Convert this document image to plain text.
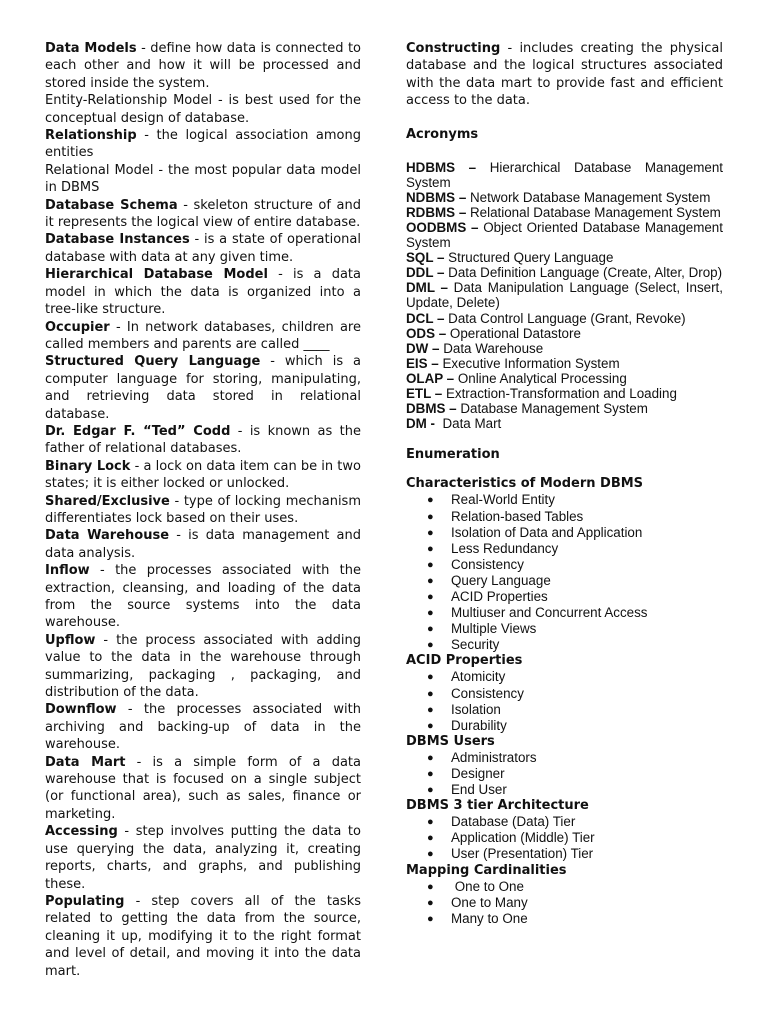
Data Models - define how data is connected to each other and how it will be processed and stored inside the system.

Entity-Relationship Model - is best used for the conceptual design of database.

Relationship - the logical association among entities

Relational Model - the most popular data model in DBMS

Database Schema - skeleton structure of and it represents the logical view of entire database.

Database Instances - is a state of operational database with data at any given time.

Hierarchical Database Model - is a data model in which the data is organized into a tree-like structure.

Occupier - In network databases, children are called members and parents are called ____

Structured Query Language - which is a computer language for storing, manipulating, and retrieving data stored in relational database.

Dr. Edgar F. “Ted” Codd - is known as the father of relational databases.

Binary Lock - a lock on data item can be in two states; it is either locked or unlocked.

Shared/Exclusive - type of locking mechanism differentiates lock based on their uses.

Data Warehouse - is data management and data analysis.

Inflow - the processes associated with the extraction, cleansing, and loading of the data from the source systems into the data warehouse.

Upflow - the process associated with adding value to the data in the warehouse through summarizing, packaging , packaging, and distribution of the data.

Downflow - the processes associated with archiving and backing-up of data in the warehouse.

Data Mart - is a simple form of a data warehouse that is focused on a single subject (or functional area), such as sales, finance or marketing.

Accessing - step involves putting the data to use querying the data, analyzing it, creating reports, charts, and graphs, and publishing these.

Populating - step covers all of the tasks related to getting the data from the source, cleaning it up, modifying it to the right format and level of detail, and moving it into the data mart.

Constructing - includes creating the physical database and the logical structures associated with the data mart to provide fast and efficient access to the data.

Acronyms

HDBMS – Hierarchical Database Management System

NDBMS – Network Database Management System

RDBMS – Relational Database Management System

OODBMS – Object Oriented Database Management System

SQL – Structured Query Language

DDL – Data Definition Language (Create, Alter, Drop)

DML – Data Manipulation Language (Select, Insert, Update, Delete)

DCL – Data Control Language (Grant, Revoke)

ODS – Operational Datastore

DW – Data Warehouse

EIS – Executive Information System

OLAP – Online Analytical Processing

ETL – Extraction-Transformation and Loading

DBMS – Database Management System

DM -  Data Mart

Enumeration

Characteristics of Modern DBMS

● Real-World Entity
● Relation-based Tables
● Isolation of Data and Application
● Less Redundancy
● Consistency
● Query Language
● ACID Properties
● Multiuser and Concurrent Access
● Multiple Views
● Security

ACID Properties

● Atomicity
● Consistency
● Isolation
● Durability

DBMS Users

● Administrators
● Designer
● End User

DBMS 3 tier Architecture

● Database (Data) Tier
● Application (Middle) Tier
● User (Presentation) Tier

Mapping Cardinalities

● One to One
● One to Many
● Many to One
